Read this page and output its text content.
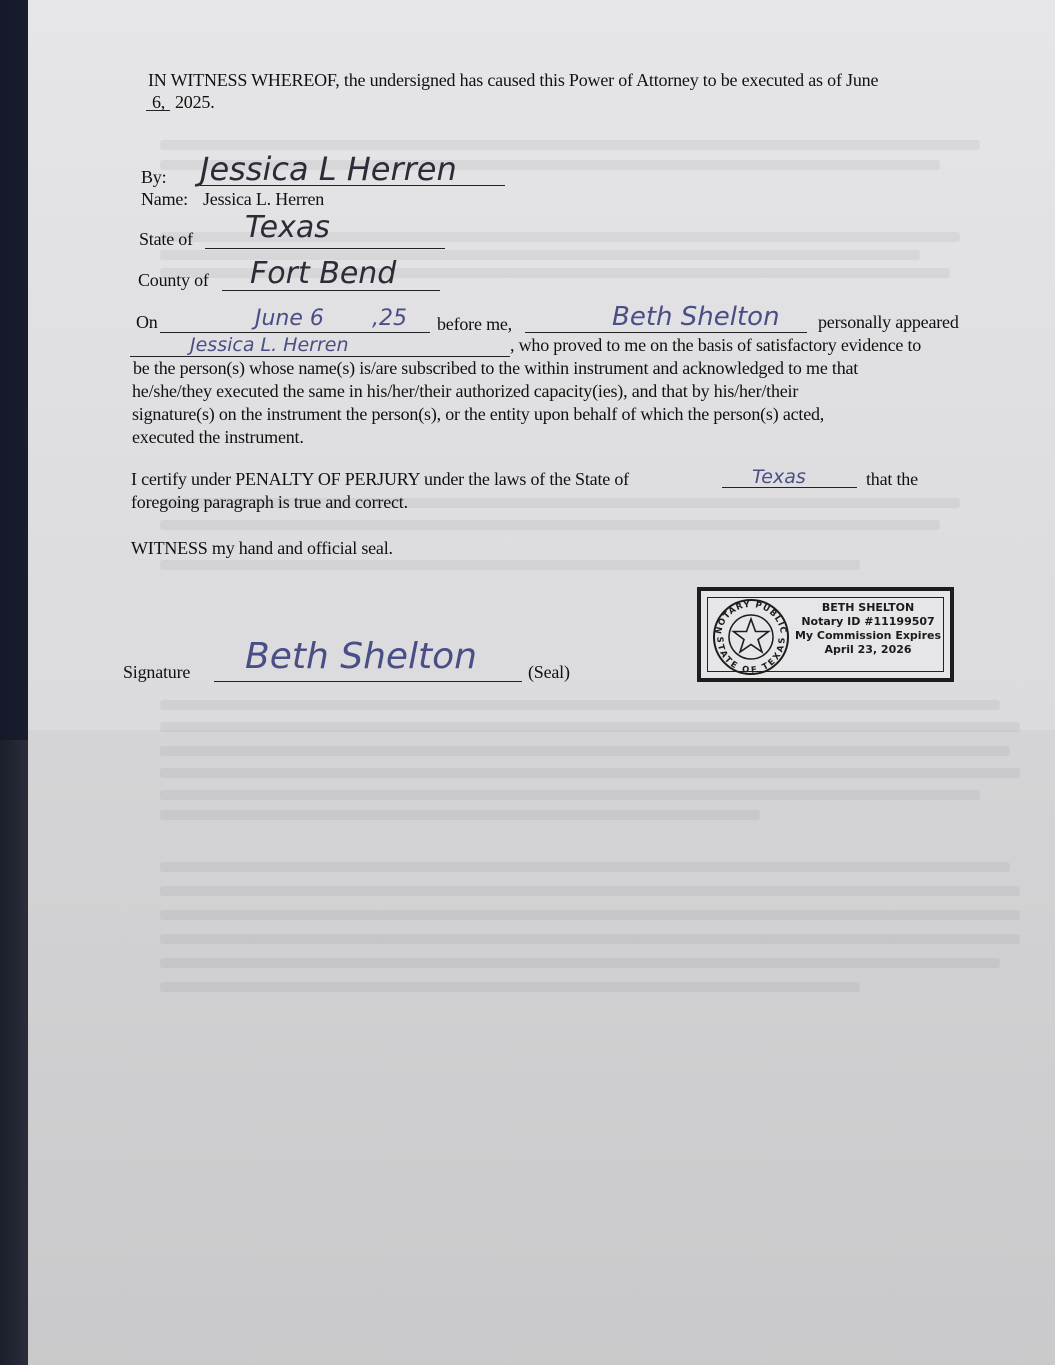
IN WITNESS WHEREOF, the undersigned has caused this Power of Attorney to be executed as of June
6, 2025.
By: Jessica L Herren
Name: Jessica L. Herren
State of Texas
County of Fort Bend
On	June 6 ,25 before me,	Beth Shelton personally appeared
Jessica L. Herren	, who proved to me on the basis of satisfactory evidence to
be the person(s) whose name(s) is/are subscribed to the within instrument and acknowledged to me that
he/she/they executed the same in his/her/their authorized capacity(ies), and that by his/her/their
signature(s) on the instrument the person(s), or the entity upon behalf of which the person(s) acted,
executed the instrument.
I certify under PENALTY OF PERJURY under the laws of the State of	Texas	that the
foregoing paragraph is true and correct.
WITNESS my hand and official seal.
Signature Beth Shelton	(Seal)
NOTARY PUBLIC
STATE OF TEXAS
BETH SHELTON
Notary ID #11199507
My Commission Expires
April 23, 2026
